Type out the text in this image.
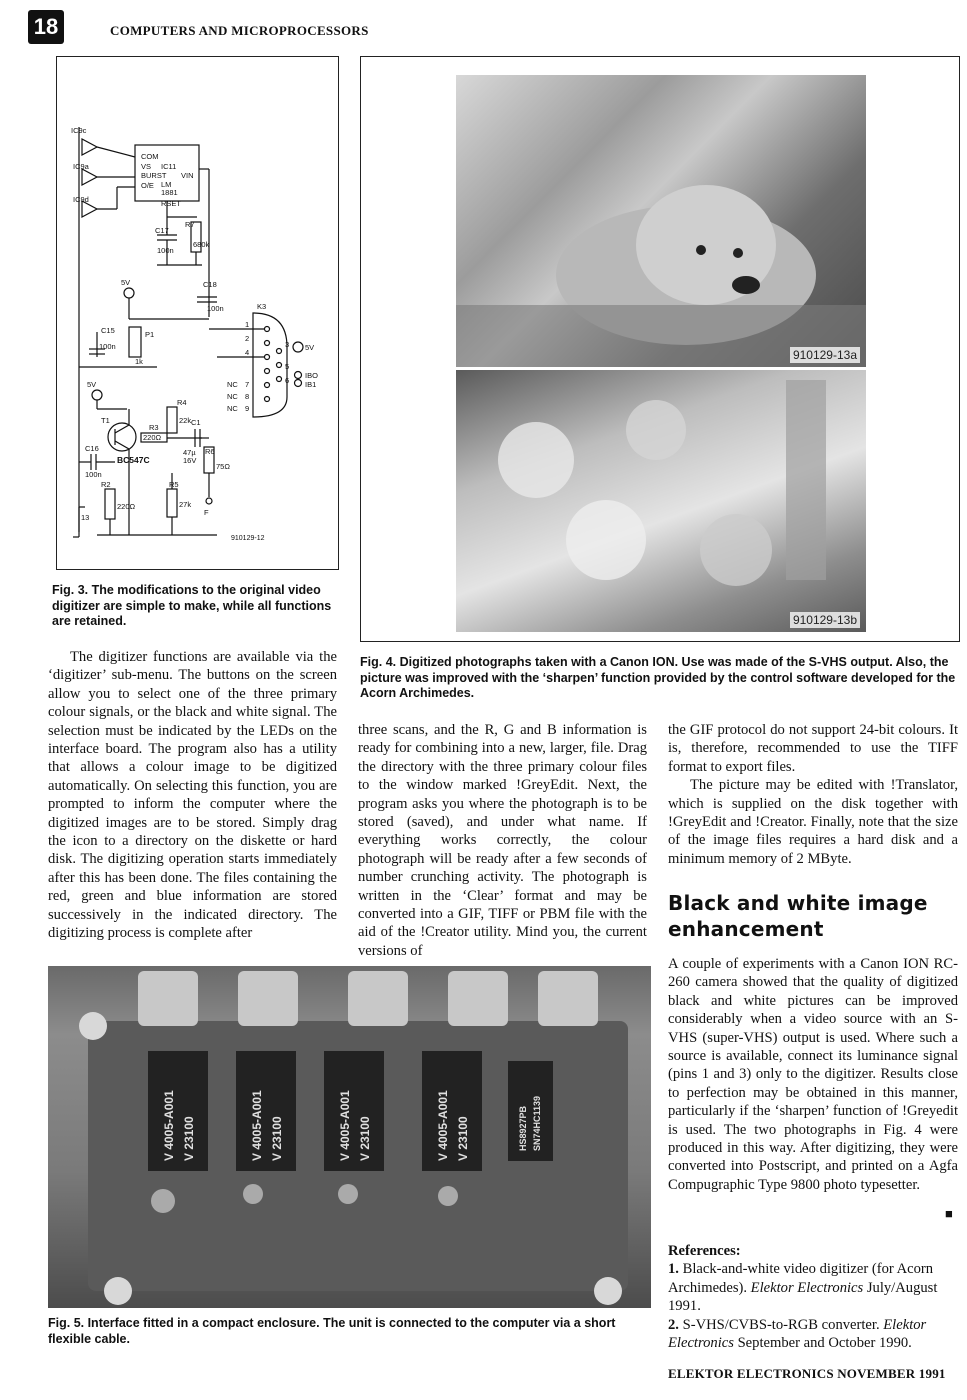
18	COMPUTERS AND MICROPROCESSORS
IC9c
IC9a
IC9d
COM
VS IC11
BURST VIN
O/E LM
1881
RSET
R7
680k
C17
100n
5V	C18
100n	K3
5V
IBO
IB1
NC
NC
NC
1
2
3
4
5
6
7
8
9
C15
100n
P1
1k
5V
T1
R3
220Ω
R4
22k C1
47µ
16V
R6
75Ω
BC547C
C16
100n
R2
220Ω
R5
27k
F
13
910129-12
Fig. 3. The modifications to the original video digitizer are simple to make, while all functions are retained.
910129-13a
910129-13b
Fig. 4. Digitized photographs taken with a Canon ION. Use was made of the S-VHS output. Also, the picture was improved with the ‘sharpen’ function provided by the control software developed for the Acorn Archimedes.

The digitizer functions are available via the ‘digitizer’ sub-menu. The buttons on the screen allow you to select one of the three primary colour signals, or the black and white signal. The selection must be indicated by the LEDs on the interface board. The program also has a utility that allows a colour image to be digitized automatically. On selecting this function, you are prompted to inform the computer where the digitized images are to be stored. Simply drag the icon to a directory on the diskette or hard disk. The digitizing operation starts immediately after this has been done. The files containing the red, green and blue information are stored successively in the indicated directory. The digitizing process is complete after

three scans, and the R, G and B information is ready for combining into a new, larger, file. Drag the directory with the three primary colour files to the window marked !GreyEdit. Next, the program asks you where the photograph is to be stored (saved), and under what name. If everything works correctly, the colour photograph will be ready after a few seconds of number crunching activity. The photograph is written in the ‘Clear’ format and may be converted into a GIF, TIFF or PBM file with the aid of the !Creator utility. Mind you, the current versions of

the GIF protocol do not support 24-bit colours. It is, therefore, recommended to use the TIFF format to export files.

The picture may be edited with !Translator, which is supplied on the disk together with !GreyEdit and !Creator. Finally, note that the size of the image files requires a hard disk and a minimum memory of 2 MByte.

Black and white image enhancement

A couple of experiments with a Canon ION RC-260 camera showed that the quality of digitized black and white pictures can be improved considerably when a video source with an S-VHS (super-VHS) output is used. Where such a source is available, connect its luminance signal (pins 1 and 3) only to the digitizer. Results close to perfection may be obtained in this manner, particularly if the ‘sharpen’ function of !Greyedit is used. The two photographs in Fig. 4 were produced in this way. After digitizing, they were converted into Postscript, and printed on a Agfa Compugraphic Type 9800 photo typesetter.

■
References:
1. Black-and-white video digitizer (for Acorn Archimedes). Elektor Electronics July/August 1991.
2. S-VHS/CVBS-to-RGB converter. Elektor Electronics September and October 1990.
V 4005-A001 V 23100	V 4005-A001 V 23100	V 4005-A001 V 23100	V 4005-A001 V 23100	HS8927PB SN74HC1139
Fig. 5. Interface fitted in a compact enclosure. The unit is connected to the computer via a short flexible cable.
ELEKTOR ELECTRONICS NOVEMBER 1991
